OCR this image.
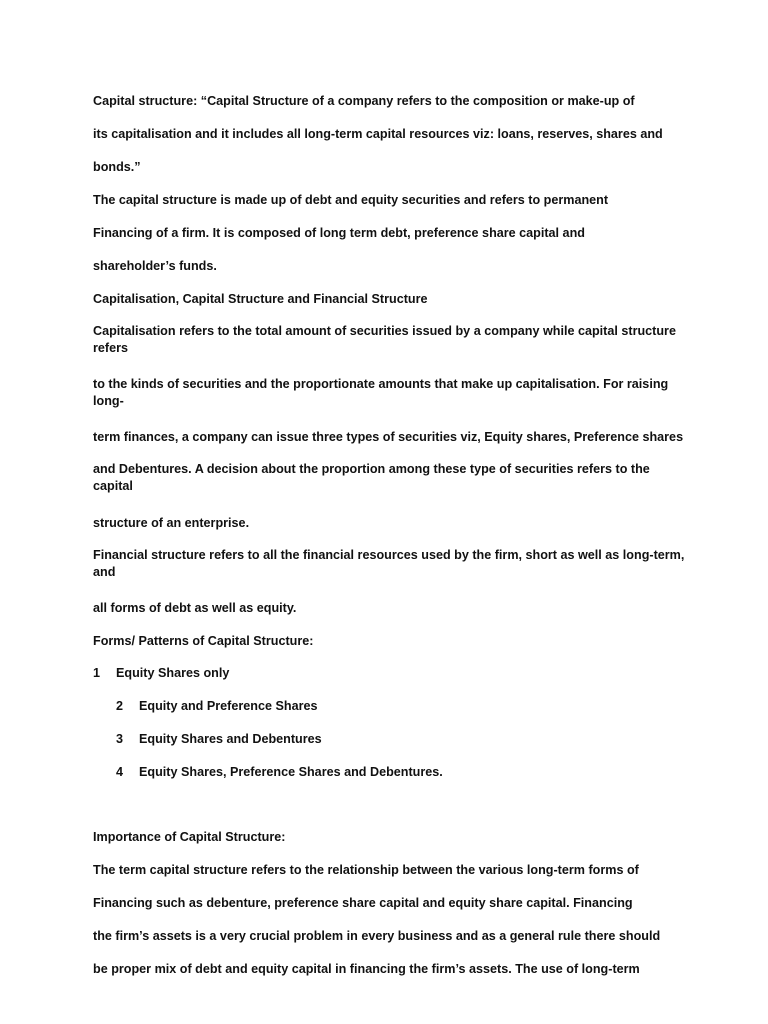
Capital structure: “Capital Structure of a company refers to the composition or make-up of
its capitalisation and it includes all long-term capital resources viz: loans, reserves, shares and
bonds.”
The capital structure is made up of debt and equity securities and refers to permanent
Financing of a firm. It is composed of long term debt, preference share capital and
shareholder’s funds.
Capitalisation, Capital Structure and Financial Structure
Capitalisation refers to the total amount of securities issued by a company while capital structure
refers
to the kinds of securities and the proportionate amounts that make up capitalisation. For raising
long-
term finances, a company can issue three types of securities viz, Equity shares, Preference shares
and Debentures. A decision about the proportion among these type of securities refers to the
capital
structure of an enterprise.
Financial structure refers to all the financial resources used by the firm, short as well as long-term,
and
all forms of debt as well as equity.
Forms/ Patterns of Capital Structure:
1 Equity Shares only
2 Equity and Preference Shares
3 Equity Shares and Debentures
4 Equity Shares, Preference Shares and Debentures.
Importance of Capital Structure:
The term capital structure refers to the relationship between the various long-term forms of
Financing such as debenture, preference share capital and equity share capital. Financing
the firm’s assets is a very crucial problem in every business and as a general rule there should
be proper mix of debt and equity capital in financing the firm’s assets. The use of long-term
